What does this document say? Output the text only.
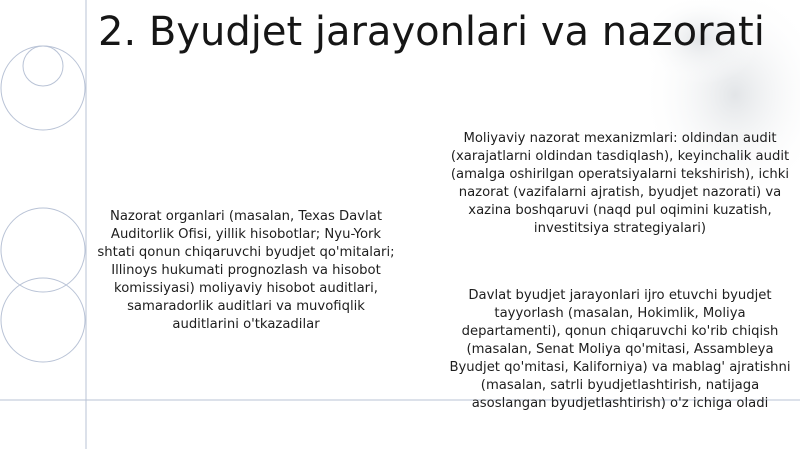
2. Byudjet jarayonlari va nazorati
Nazorat organlari (masalan, Texas Davlat Auditorlik Ofisi, yillik hisobotlar; Nyu-York shtati qonun chiqaruvchi byudjet qo'mitalari; Illinoys hukumati prognozlash va hisobot komissiyasi) moliyaviy hisobot auditlari, samaradorlik auditlari va muvofiqlik auditlarini o'tkazadilar
Moliyaviy nazorat mexanizmlari: oldindan audit (xarajatlarni oldindan tasdiqlash), keyinchalik audit (amalga oshirilgan operatsiyalarni tekshirish), ichki nazorat (vazifalarni ajratish, byudjet nazorati) va xazina boshqaruvi (naqd pul oqimini kuzatish, investitsiya strategiyalari)
Davlat byudjet jarayonlari ijro etuvchi byudjet tayyorlash (masalan, Hokimlik, Moliya departamenti), qonun chiqaruvchi ko'rib chiqish (masalan, Senat Moliya qo'mitasi, Assambleya Byudjet qo'mitasi, Kaliforniya) va mablag' ajratishni (masalan, satrli byudjetlashtirish, natijaga asoslangan byudjetlashtirish) o'z ichiga oladi
